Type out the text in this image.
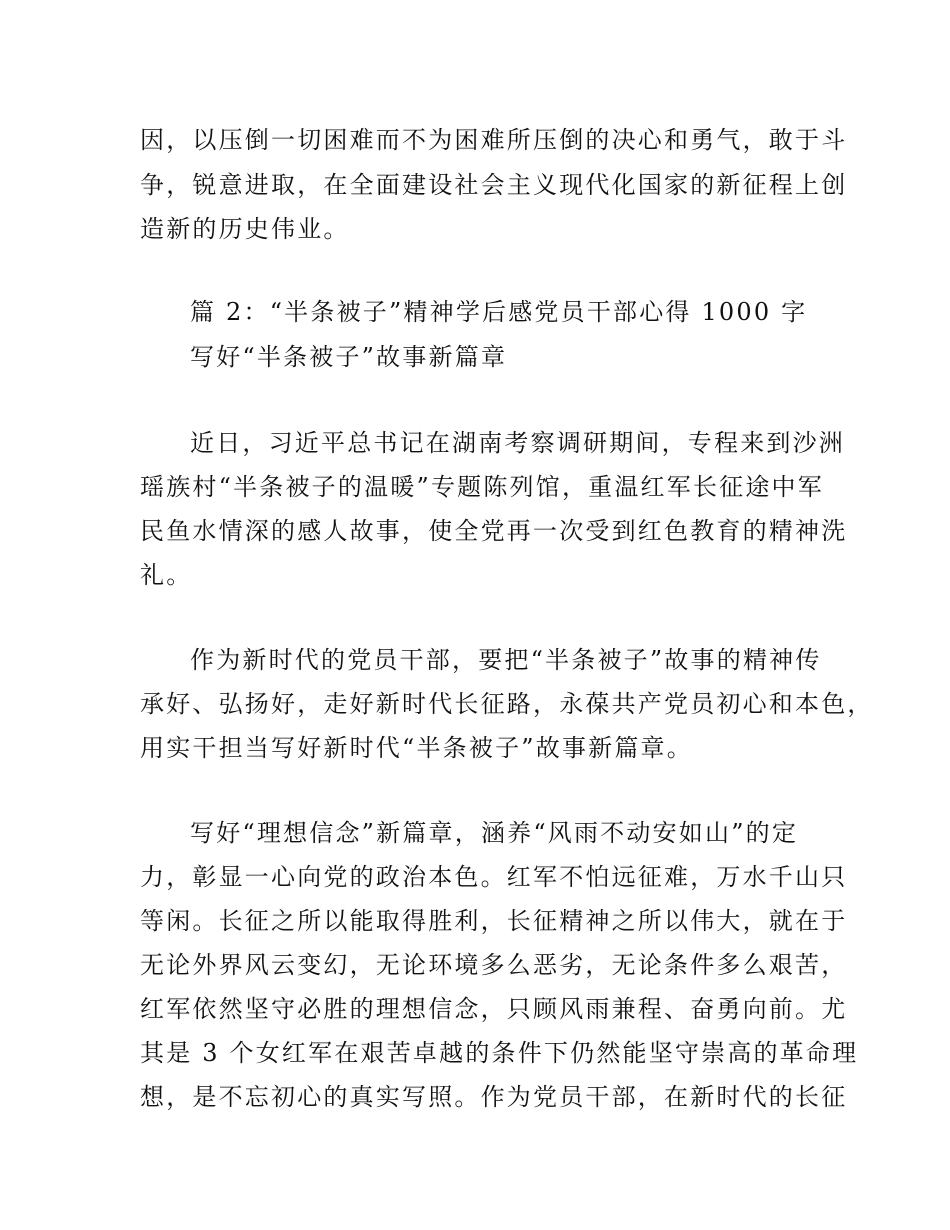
因，以压倒一切困难而不为困难所压倒的决心和勇气，敢于斗
争，锐意进取，在全面建设社会主义现代化国家的新征程上创
造新的历史伟业。
篇 2：“半条被子”精神学后感党员干部心得 1000 字
写好“半条被子”故事新篇章
近日，习近平总书记在湖南考察调研期间，专程来到沙洲
瑶族村“半条被子的温暖”专题陈列馆，重温红军长征途中军
民鱼水情深的感人故事，使全党再一次受到红色教育的精神洗
礼。
作为新时代的党员干部，要把“半条被子”故事的精神传
承好、弘扬好，走好新时代长征路，永葆共产党员初心和本色，
用实干担当写好新时代“半条被子”故事新篇章。
写好“理想信念”新篇章，涵养“风雨不动安如山”的定
力，彰显一心向党的政治本色。红军不怕远征难，万水千山只
等闲。长征之所以能取得胜利，长征精神之所以伟大，就在于
无论外界风云变幻，无论环境多么恶劣，无论条件多么艰苦，
红军依然坚守必胜的理想信念，只顾风雨兼程、奋勇向前。尤
其是 3 个女红军在艰苦卓越的条件下仍然能坚守崇高的革命理
想，是不忘初心的真实写照。作为党员干部，在新时代的长征
